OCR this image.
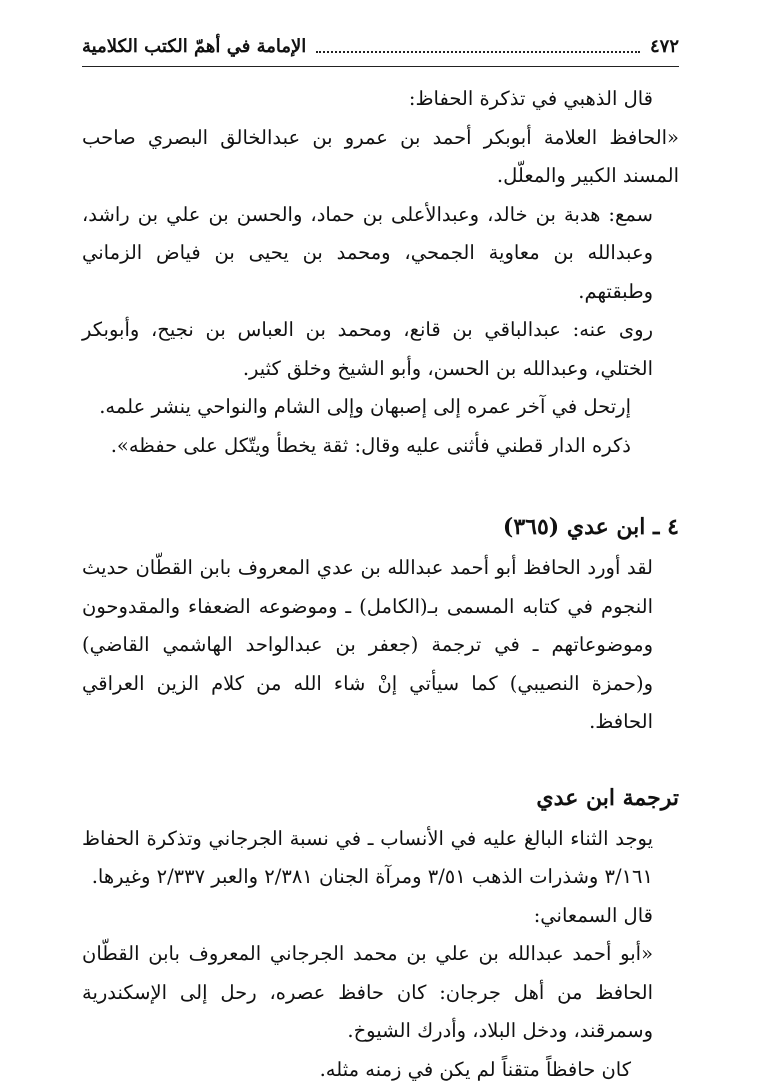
٤٧٢
الإمامة في أهمّ الكتب الكلامية

قال الذهبي في تذكرة الحفاظ:

«الحافظ العلامة أبوبكر أحمد بن عمرو بن عبدالخالق البصري صاحب المسند الكبير والمعلّل.

سمع: هدبة بن خالد، وعبدالأعلى بن حماد، والحسن بن علي بن راشد، وعبدالله بن معاوية الجمحي، ومحمد بن يحيى بن فياض الزماني وطبقتهم.

روى عنه: عبدالباقي بن قانع، ومحمد بن العباس بن نجيح، وأبوبكر الختلي، وعبدالله بن الحسن، وأبو الشيخ وخلق كثير.

إرتحل في آخر عمره إلى إصبهان وإلى الشام والنواحي ينشر علمه.

ذكره الدار قطني فأثنى عليه وقال: ثقة يخطأ ويتّكل على حفظه».

٤ ـ ابن عدي (٣٦٥)

لقد أورد الحافظ أبو أحمد عبدالله بن عدي المعروف بابن القطّان حديث النجوم في كتابه المسمى بـ(الكامل) ـ وموضوعه الضعفاء والمقدوحون وموضوعاتهم ـ في ترجمة (جعفر بن عبدالواحد الهاشمي القاضي) و(حمزة النصيبي) كما سيأتي إنْ شاء الله من كلام الزين العراقي الحافظ.

ترجمة ابن عدي

يوجد الثناء البالغ عليه في الأنساب ـ في نسبة الجرجاني وتذكرة الحفاظ ٣/١٦١ وشذرات الذهب ٣/٥١ ومرآة الجنان ٢/٣٨١ والعبر ٢/٣٣٧ وغيرها.

قال السمعاني:

«أبو أحمد عبدالله بن علي بن محمد الجرجاني المعروف بابن القطّان الحافظ من أهل جرجان: كان حافظ عصره، رحل إلى الإسكندرية وسمرقند، ودخل البلاد، وأدرك الشيوخ.

كان حافظاً متقناً لم يكن في زمنه مثله.
